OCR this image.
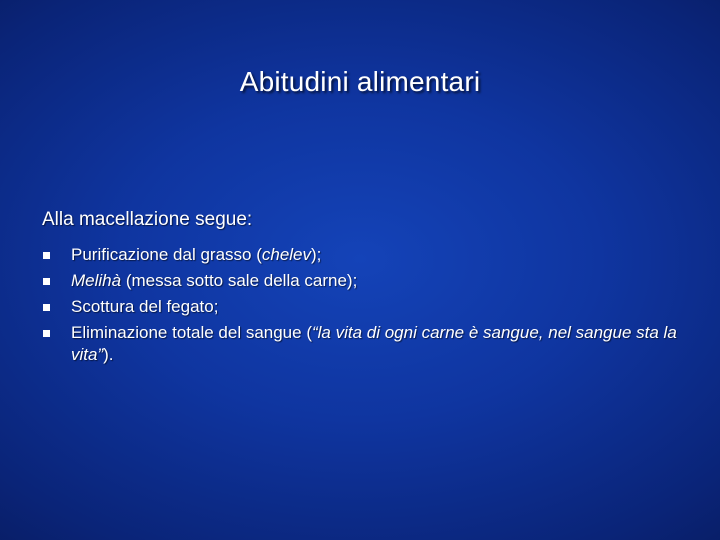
Abitudini alimentari
Alla macellazione segue:
Purificazione dal grasso (chelev);
Melihà (messa sotto sale della carne);
Scottura del fegato;
Eliminazione totale del sangue (“la vita di ogni carne è sangue, nel sangue sta la vita”).
